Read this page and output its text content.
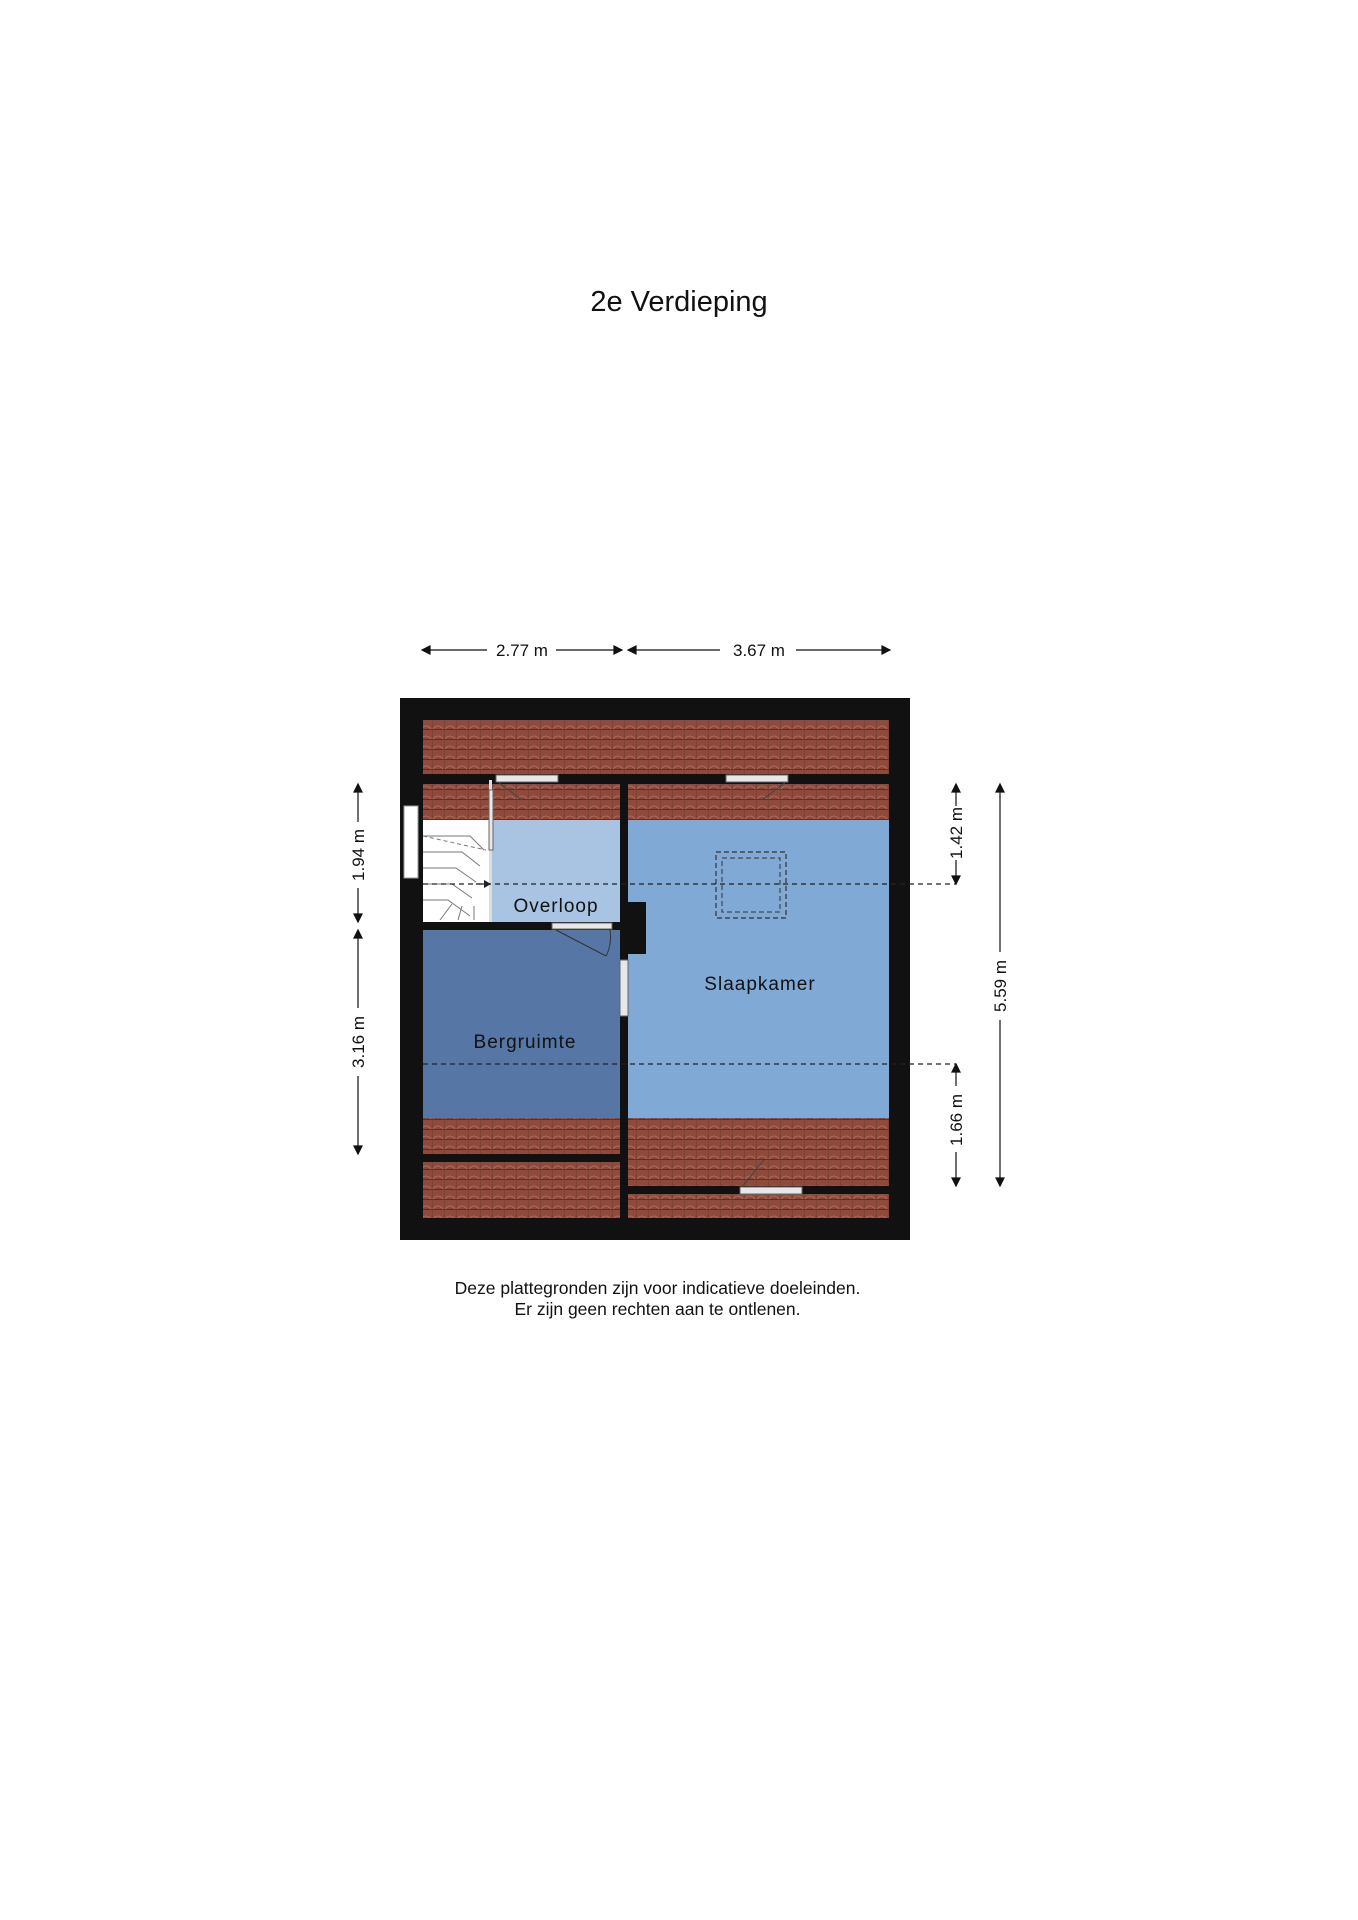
2e Verdieping
2.77 m	3.67 m
1.94 m
3.16 m
1.42 m
5.59 m
1.66 m
Overloop
Slaapkamer
Bergruimte
Deze plattegronden zijn voor indicatieve doeleinden.
Er zijn geen rechten aan te ontlenen.
